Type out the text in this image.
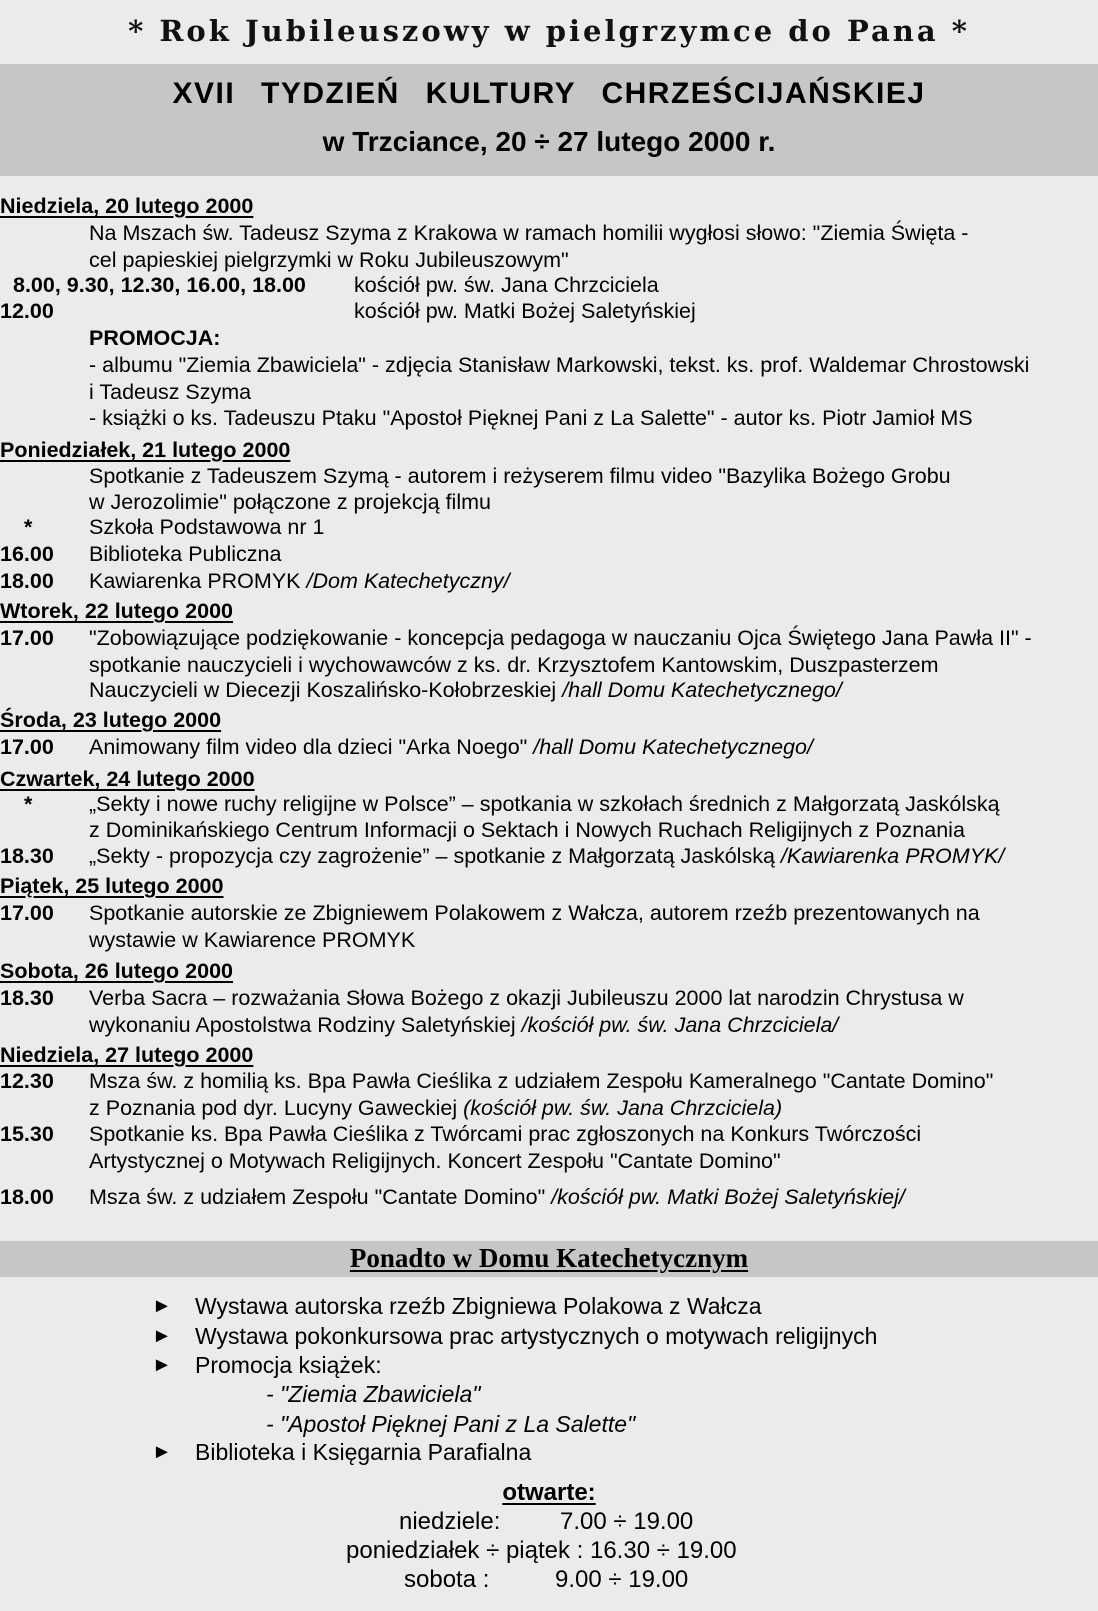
* Rok Jubileuszowy w pielgrzymce do Pana *
XVII TYDZIEŃ KULTURY CHRZEŚCIJAŃSKIEJ
w Trzciance, 20 ÷ 27 lutego 2000 r.
Niedziela, 20 lutego 2000
Na Mszach św. Tadeusz Szyma z Krakowa w ramach homilii wygłosi słowo: "Ziemia Święta -
cel papieskiej pielgrzymki w Roku Jubileuszowym"
8.00, 9.30, 12.30, 16.00, 18.00 kościół pw. św. Jana Chrzciciela
12.00	kościół pw. Matki Bożej Saletyńskiej
PROMOCJA:
- albumu "Ziemia Zbawiciela" - zdjęcia Stanisław Markowski, tekst. ks. prof. Waldemar Chrostowski
i Tadeusz Szyma
- książki o ks. Tadeuszu Ptaku "Apostoł Pięknej Pani z La Salette" - autor ks. Piotr Jamioł MS
Poniedziałek, 21 lutego 2000
Spotkanie z Tadeuszem Szymą - autorem i reżyserem filmu video "Bazylika Bożego Grobu
w Jerozolimie" połączone z projekcją filmu
*	Szkoła Podstawowa nr 1
16.00 Biblioteka Publiczna
18.00 Kawiarenka PROMYK /Dom Katechetyczny/
Wtorek, 22 lutego 2000
17.00 "Zobowiązujące podziękowanie - koncepcja pedagoga w nauczaniu Ojca Świętego Jana Pawła II" -
spotkanie nauczycieli i wychowawców z ks. dr. Krzysztofem Kantowskim, Duszpasterzem
Nauczycieli w Diecezji Koszalińsko-Kołobrzeskiej /hall Domu Katechetycznego/
Środa, 23 lutego 2000
17.00 Animowany film video dla dzieci "Arka Noego" /hall Domu Katechetycznego/
Czwartek, 24 lutego 2000
*	„Sekty i nowe ruchy religijne w Polsce” – spotkania w szkołach średnich z Małgorzatą Jaskólską
z Dominikańskiego Centrum Informacji o Sektach i Nowych Ruchach Religijnych z Poznania
18.30 „Sekty - propozycja czy zagrożenie” – spotkanie z Małgorzatą Jaskólską /Kawiarenka PROMYK/
Piątek, 25 lutego 2000
17.00 Spotkanie autorskie ze Zbigniewem Polakowem z Wałcza, autorem rzeźb prezentowanych na
wystawie w Kawiarence PROMYK
Sobota, 26 lutego 2000
18.30 Verba Sacra – rozważania Słowa Bożego z okazji Jubileuszu 2000 lat narodzin Chrystusa w
wykonaniu Apostolstwa Rodziny Saletyńskiej /kościół pw. św. Jana Chrzciciela/
Niedziela, 27 lutego 2000
12.30 Msza św. z homilią ks. Bpa Pawła Cieślika z udziałem Zespołu Kameralnego "Cantate Domino"
z Poznania pod dyr. Lucyny Gaweckiej (kościół pw. św. Jana Chrzciciela)
15.30 Spotkanie ks. Bpa Pawła Cieślika z Twórcami prac zgłoszonych na Konkurs Twórczości
Artystycznej o Motywach Religijnych. Koncert Zespołu "Cantate Domino"
18.00 Msza św. z udziałem Zespołu "Cantate Domino" /kościół pw. Matki Bożej Saletyńskiej/
Ponadto w Domu Katechetycznym
► Wystawa autorska rzeźb Zbigniewa Polakowa z Wałcza
► Wystawa pokonkursowa prac artystycznych o motywach religijnych
► Promocja książek:
- "Ziemia Zbawiciela"
- "Apostoł Pięknej Pani z La Salette"
► Biblioteka i Księgarnia Parafialna
otwarte:
niedziele: 7.00 ÷ 19.00
poniedziałek ÷ piątek : 16.30 ÷ 19.00
sobota :	9.00 ÷ 19.00
